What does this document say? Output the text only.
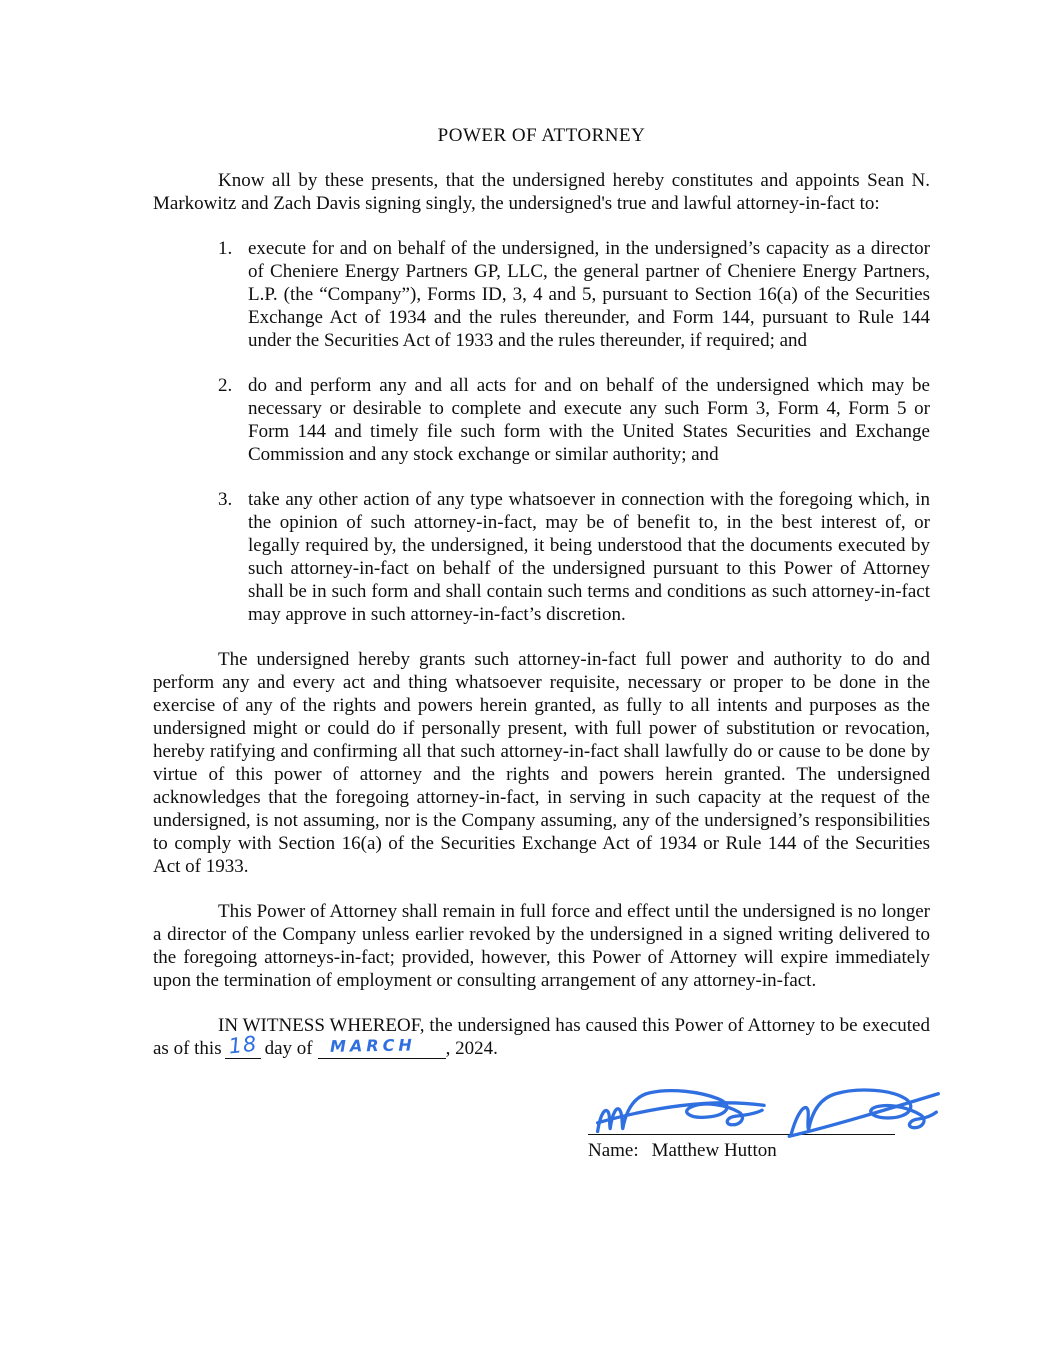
POWER OF ATTORNEY
Know all by these presents, that the undersigned hereby constitutes and appoints Sean N. Markowitz and Zach Davis signing singly, the undersigned's true and lawful attorney-in-fact to:
1. execute for and on behalf of the undersigned, in the undersigned’s capacity as a director of Cheniere Energy Partners GP, LLC, the general partner of Cheniere Energy Partners, L.P. (the “Company”), Forms ID, 3, 4 and 5, pursuant to Section 16(a) of the Securities Exchange Act of 1934 and the rules thereunder, and Form 144, pursuant to Rule 144 under the Securities Act of 1933 and the rules thereunder, if required; and
2. do and perform any and all acts for and on behalf of the undersigned which may be necessary or desirable to complete and execute any such Form 3, Form 4, Form 5 or Form 144 and timely file such form with the United States Securities and Exchange Commission and any stock exchange or similar authority; and
3. take any other action of any type whatsoever in connection with the foregoing which, in the opinion of such attorney-in-fact, may be of benefit to, in the best interest of, or legally required by, the undersigned, it being understood that the documents executed by such attorney-in-fact on behalf of the undersigned pursuant to this Power of Attorney shall be in such form and shall contain such terms and conditions as such attorney-in-fact may approve in such attorney-in-fact’s discretion.
The undersigned hereby grants such attorney-in-fact full power and authority to do and perform any and every act and thing whatsoever requisite, necessary or proper to be done in the exercise of any of the rights and powers herein granted, as fully to all intents and purposes as the undersigned might or could do if personally present, with full power of substitution or revocation, hereby ratifying and confirming all that such attorney-in-fact shall lawfully do or cause to be done by virtue of this power of attorney and the rights and powers herein granted. The undersigned acknowledges that the foregoing attorney-in-fact, in serving in such capacity at the request of the undersigned, is not assuming, nor is the Company assuming, any of the undersigned’s responsibilities to comply with Section 16(a) of the Securities Exchange Act of 1934 or Rule 144 of the Securities Act of 1933.
This Power of Attorney shall remain in full force and effect until the undersigned is no longer a director of the Company unless earlier revoked by the undersigned in a signed writing delivered to the foregoing attorneys-in-fact; provided, however, this Power of Attorney will expire immediately upon the termination of employment or consulting arrangement of any attorney-in-fact.
IN WITNESS WHEREOF, the undersigned has caused this Power of Attorney to be executed
as of this 18 day of	MARCH	, 2024.
Name: Matthew Hutton
